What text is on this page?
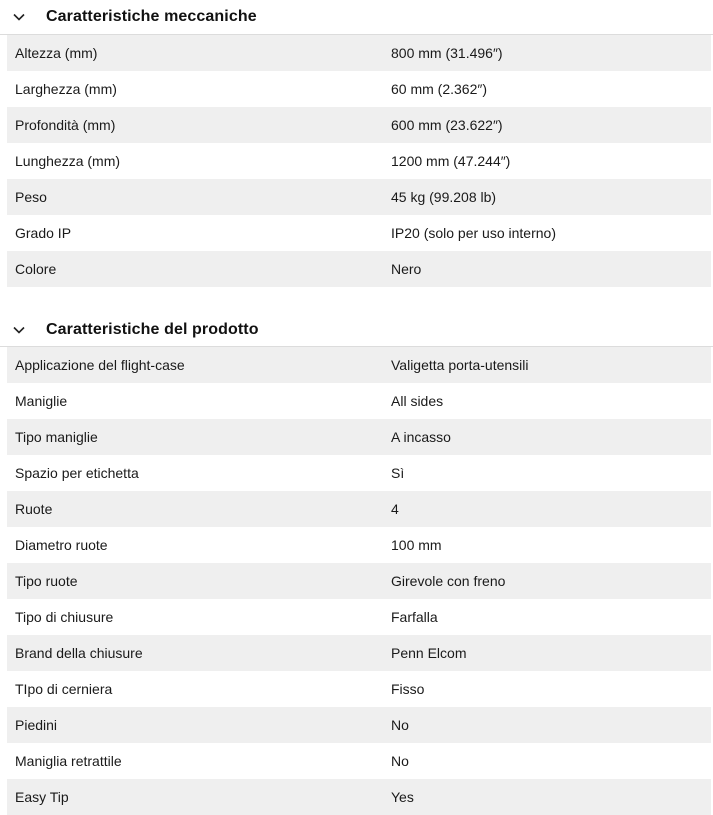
Caratteristiche meccaniche
Altezza (mm)	800 mm (31.496″)
Larghezza (mm)	60 mm (2.362″)
Profondità (mm)	600 mm (23.622″)
Lunghezza (mm)	1200 mm (47.244″)
Peso	45 kg (99.208 lb)
Grado IP	IP20 (solo per uso interno)
Colore	Nero
Caratteristiche del prodotto
Applicazione del flight-case	Valigetta porta-utensili
Maniglie	All sides
Tipo maniglie	A incasso
Spazio per etichetta	Sì
Ruote	4
Diametro ruote	100 mm
Tipo ruote	Girevole con freno
Tipo di chiusure	Farfalla
Brand della chiusure	Penn Elcom
TIpo di cerniera	Fisso
Piedini	No
Maniglia retrattile	No
Easy Tip	Yes
